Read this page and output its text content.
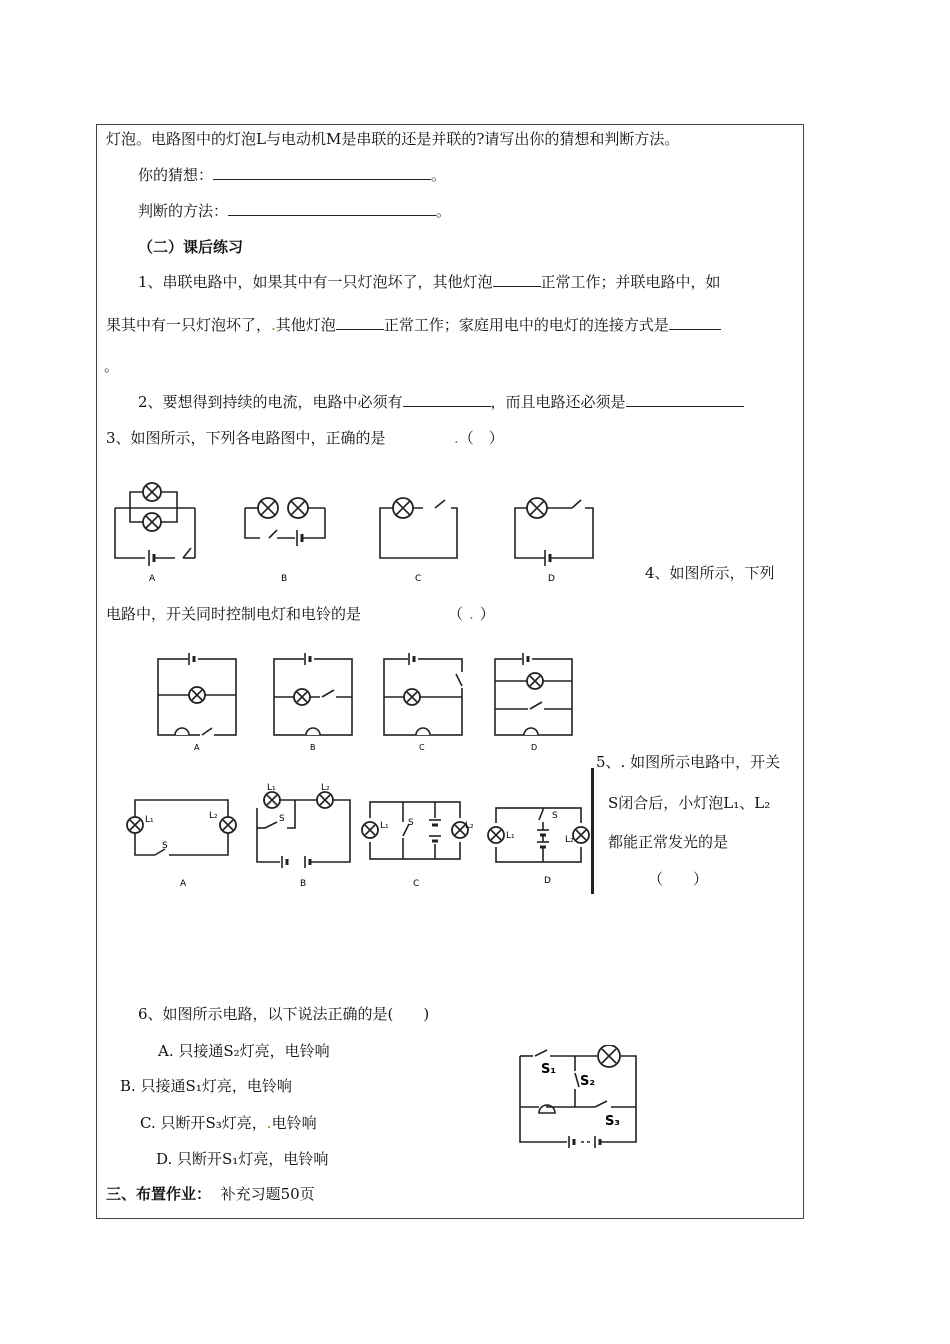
灯泡。电路图中的灯泡L与电动机M是串联的还是并联的?请写出你的猜想和判断方法。
你的猜想：	。
判断的方法：	。
（二）课后练习
1、串联电路中，如果其中有一只灯泡坏了，其他灯泡	正常工作；并联电路中，如
果其中有一只灯泡坏了，.其他灯泡	正常工作；家庭用电中的电灯的连接方式是
。
2、要想得到持续的电流，电路中必须有	，而且电路还必须是
3、如图所示，下列各电路图中，正确的是	.（　）
A	B	C	D	4、如图所示，下列
电路中，开关同时控制电灯和电铃的是	（ . ）
A	B	C	D
5、. 如图所示电路中，开关
S闭合后，小灯泡L₁、L₂
都能正常发光的是
（　　）
L₁	L₂
S
A
L₁	L₂
S
B
L₁ S	L₂
C
L₁
S
L₂
D
6、如图所示电路，以下说法正确的是(　　)
A. 只接通S₂灯亮，电铃响
B. 只接通S₁灯亮，电铃响
C. 只断开S₃灯亮，.电铃响
D. 只断开S₁灯亮，电铃响
S₁
S₂
S₃
三、布置作业： 补充习题50页
